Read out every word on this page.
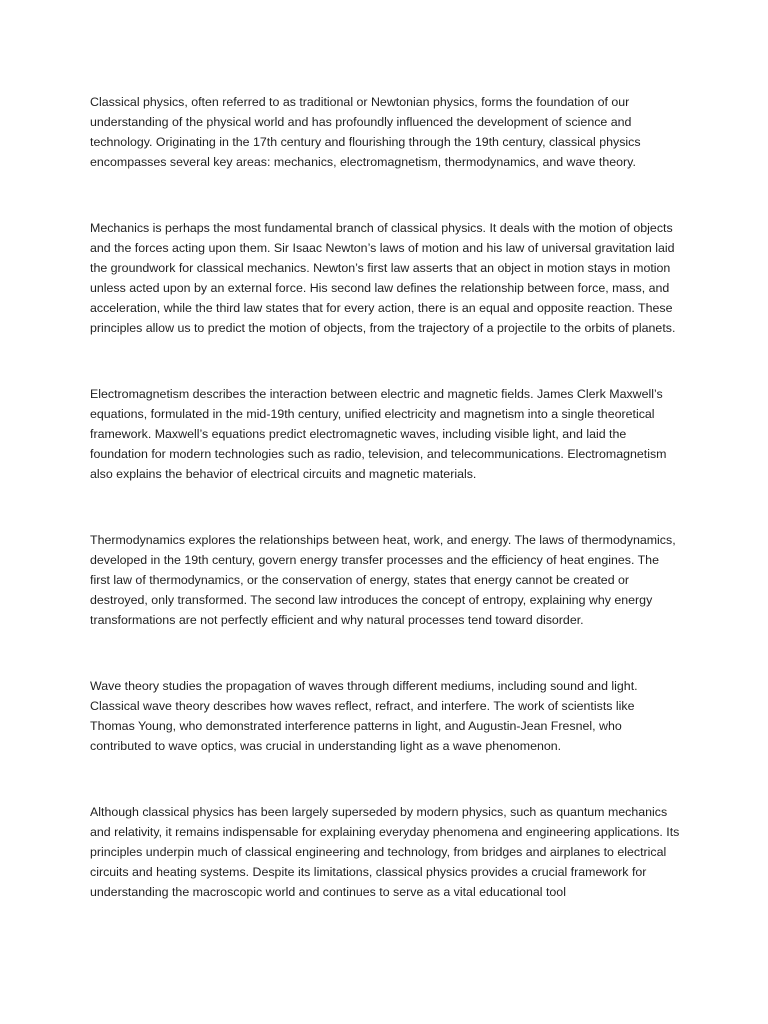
Classical physics, often referred to as traditional or Newtonian physics, forms the foundation of our understanding of the physical world and has profoundly influenced the development of science and technology. Originating in the 17th century and flourishing through the 19th century, classical physics encompasses several key areas: mechanics, electromagnetism, thermodynamics, and wave theory.

Mechanics is perhaps the most fundamental branch of classical physics. It deals with the motion of objects and the forces acting upon them. Sir Isaac Newton’s laws of motion and his law of universal gravitation laid the groundwork for classical mechanics. Newton’s first law asserts that an object in motion stays in motion unless acted upon by an external force. His second law defines the relationship between force, mass, and acceleration, while the third law states that for every action, there is an equal and opposite reaction. These principles allow us to predict the motion of objects, from the trajectory of a projectile to the orbits of planets.

Electromagnetism describes the interaction between electric and magnetic fields. James Clerk Maxwell’s equations, formulated in the mid-19th century, unified electricity and magnetism into a single theoretical framework. Maxwell’s equations predict electromagnetic waves, including visible light, and laid the foundation for modern technologies such as radio, television, and telecommunications. Electromagnetism also explains the behavior of electrical circuits and magnetic materials.

Thermodynamics explores the relationships between heat, work, and energy. The laws of thermodynamics, developed in the 19th century, govern energy transfer processes and the efficiency of heat engines. The first law of thermodynamics, or the conservation of energy, states that energy cannot be created or destroyed, only transformed. The second law introduces the concept of entropy, explaining why energy transformations are not perfectly efficient and why natural processes tend toward disorder.

Wave theory studies the propagation of waves through different mediums, including sound and light. Classical wave theory describes how waves reflect, refract, and interfere. The work of scientists like Thomas Young, who demonstrated interference patterns in light, and Augustin-Jean Fresnel, who contributed to wave optics, was crucial in understanding light as a wave phenomenon.

Although classical physics has been largely superseded by modern physics, such as quantum mechanics and relativity, it remains indispensable for explaining everyday phenomena and engineering applications. Its principles underpin much of classical engineering and technology, from bridges and airplanes to electrical circuits and heating systems. Despite its limitations, classical physics provides a crucial framework for understanding the macroscopic world and continues to serve as a vital educational tool
